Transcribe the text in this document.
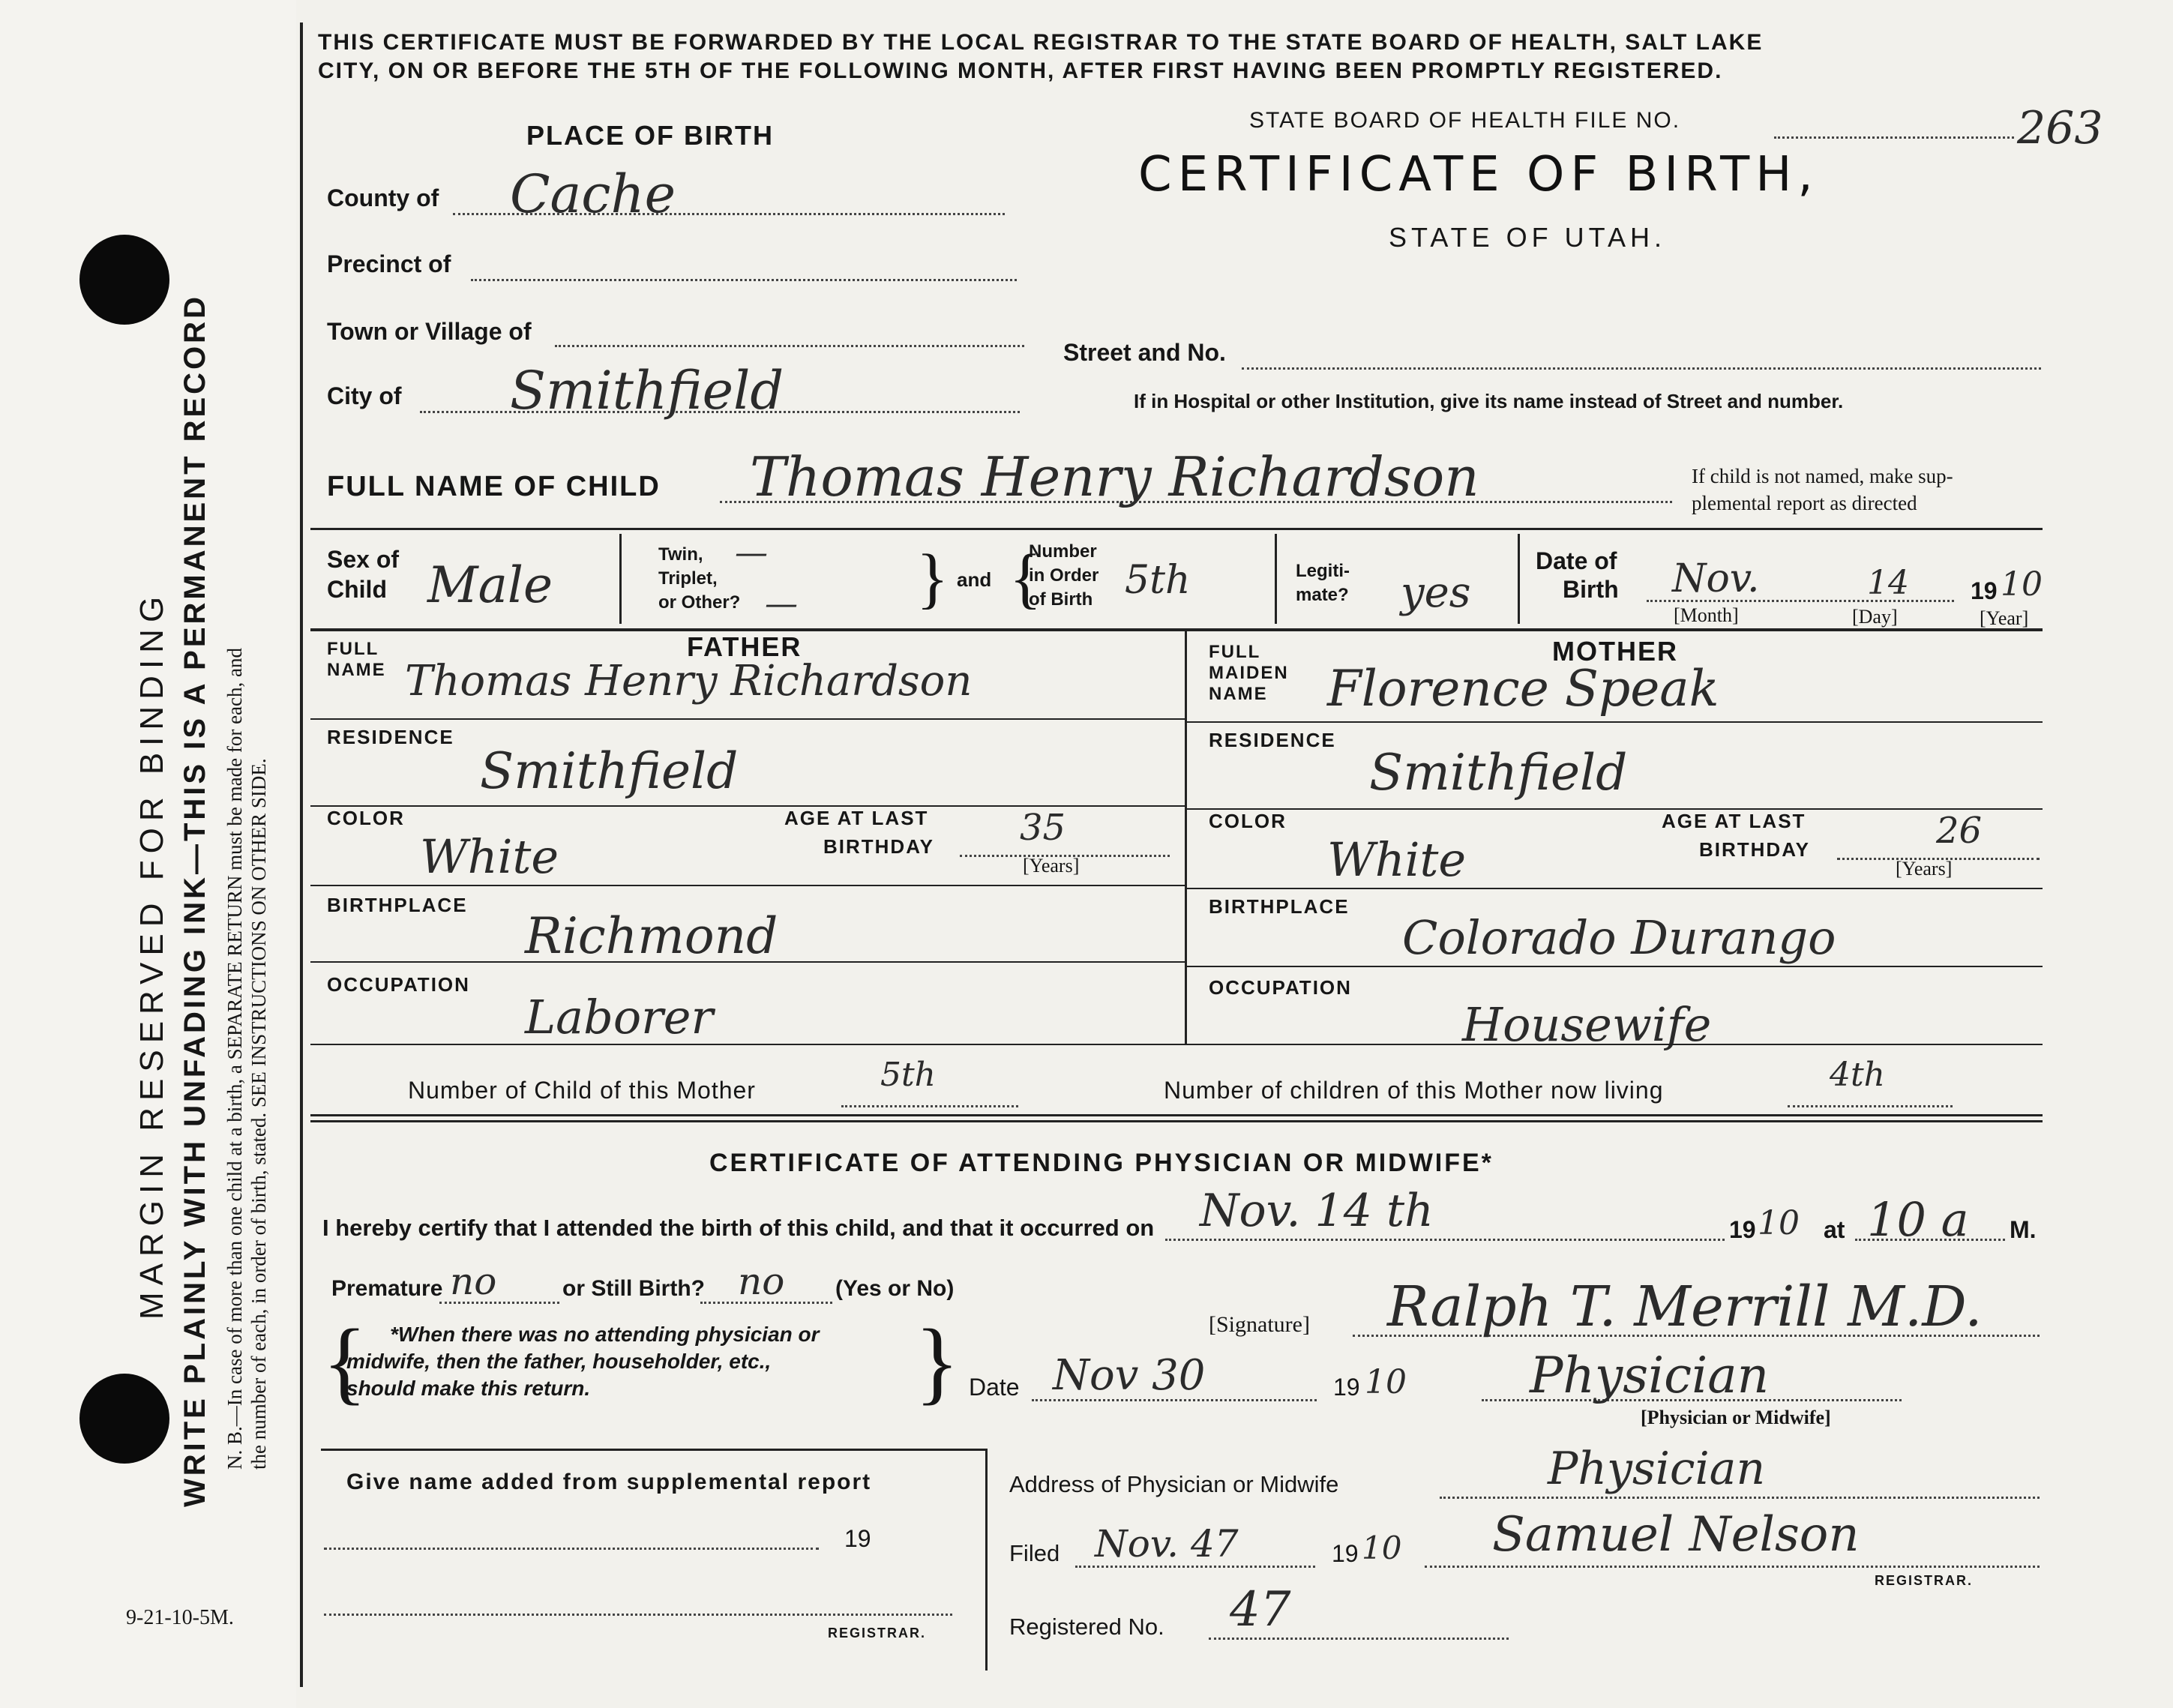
MARGIN RESERVED FOR BINDING WRITE PLAINLY WITH UNFADING INK—THIS IS A PERMANENT RECORD N. B.—In case of more than one child at a birth, a SEPARATE RETURN must be made for each, and the number of each, in order of birth, stated. SEE INSTRUCTIONS ON OTHER SIDE.
9-21-10-5M.
THIS CERTIFICATE MUST BE FORWARDED BY THE LOCAL REGISTRAR TO THE STATE BOARD OF HEALTH, SALT LAKE
CITY, ON OR BEFORE THE 5TH OF THE FOLLOWING MONTH, AFTER FIRST HAVING BEEN PROMPTLY REGISTERED.
STATE BOARD OF HEALTH FILE NO.	263
PLACE OF BIRTH
CERTIFICATE OF BIRTH,
STATE OF UTAH.
County of Cache
Precinct of
Town or Village of
City of Smithfield
Street and No.
If in Hospital or other Institution, give its name instead of Street and number.
FULL NAME OF CHILD Thomas Henry Richardson	If child is not named, make sup-
plemental report as directed
Sex of
Child Male
Twin,
Triplet,
or Other?
—
— } and {
Number
in Order
of Birth 5th	Legiti-
mate? yes
Date of
Birth Nov.	14	19 10
[Month]	[Day]	[Year]
FATHER
FULL
NAME Thomas Henry Richardson
RESIDENCE
Smithfield
COLOR
White
AGE AT LAST
BIRTHDAY 35
[Years]
BIRTHPLACE
Richmond
OCCUPATION
Laborer
MOTHER
FULL
MAIDEN
NAME Florence Speak
RESIDENCE
Smithfield
COLOR
White
AGE AT LAST
BIRTHDAY	26
[Years]
BIRTHPLACE
Colorado Durango
OCCUPATION
Housewife
Number of Child of this Mother	5th	Number of children of this Mother now living	4th
CERTIFICATE OF ATTENDING PHYSICIAN OR MIDWIFE*
I hereby certify that I attended the birth of this child, and that it occurred on Nov. 14 th	19 10 at 10 a M.
Premature no	or Still Birth? no (Yes or No)
{ *When there was no attending physician or
midwife, then the father, householder, etc.,
should make this return.	}	[Signature] Ralph T. Merrill M.D.
Date Nov 30	19 10 Physician
[Physician or Midwife]
Give name added from supplemental report
19
REGISTRAR.
Address of Physician or Midwife	Physician
Filed Nov. 47	19 10 Samuel Nelson
REGISTRAR.
Registered No. 47
